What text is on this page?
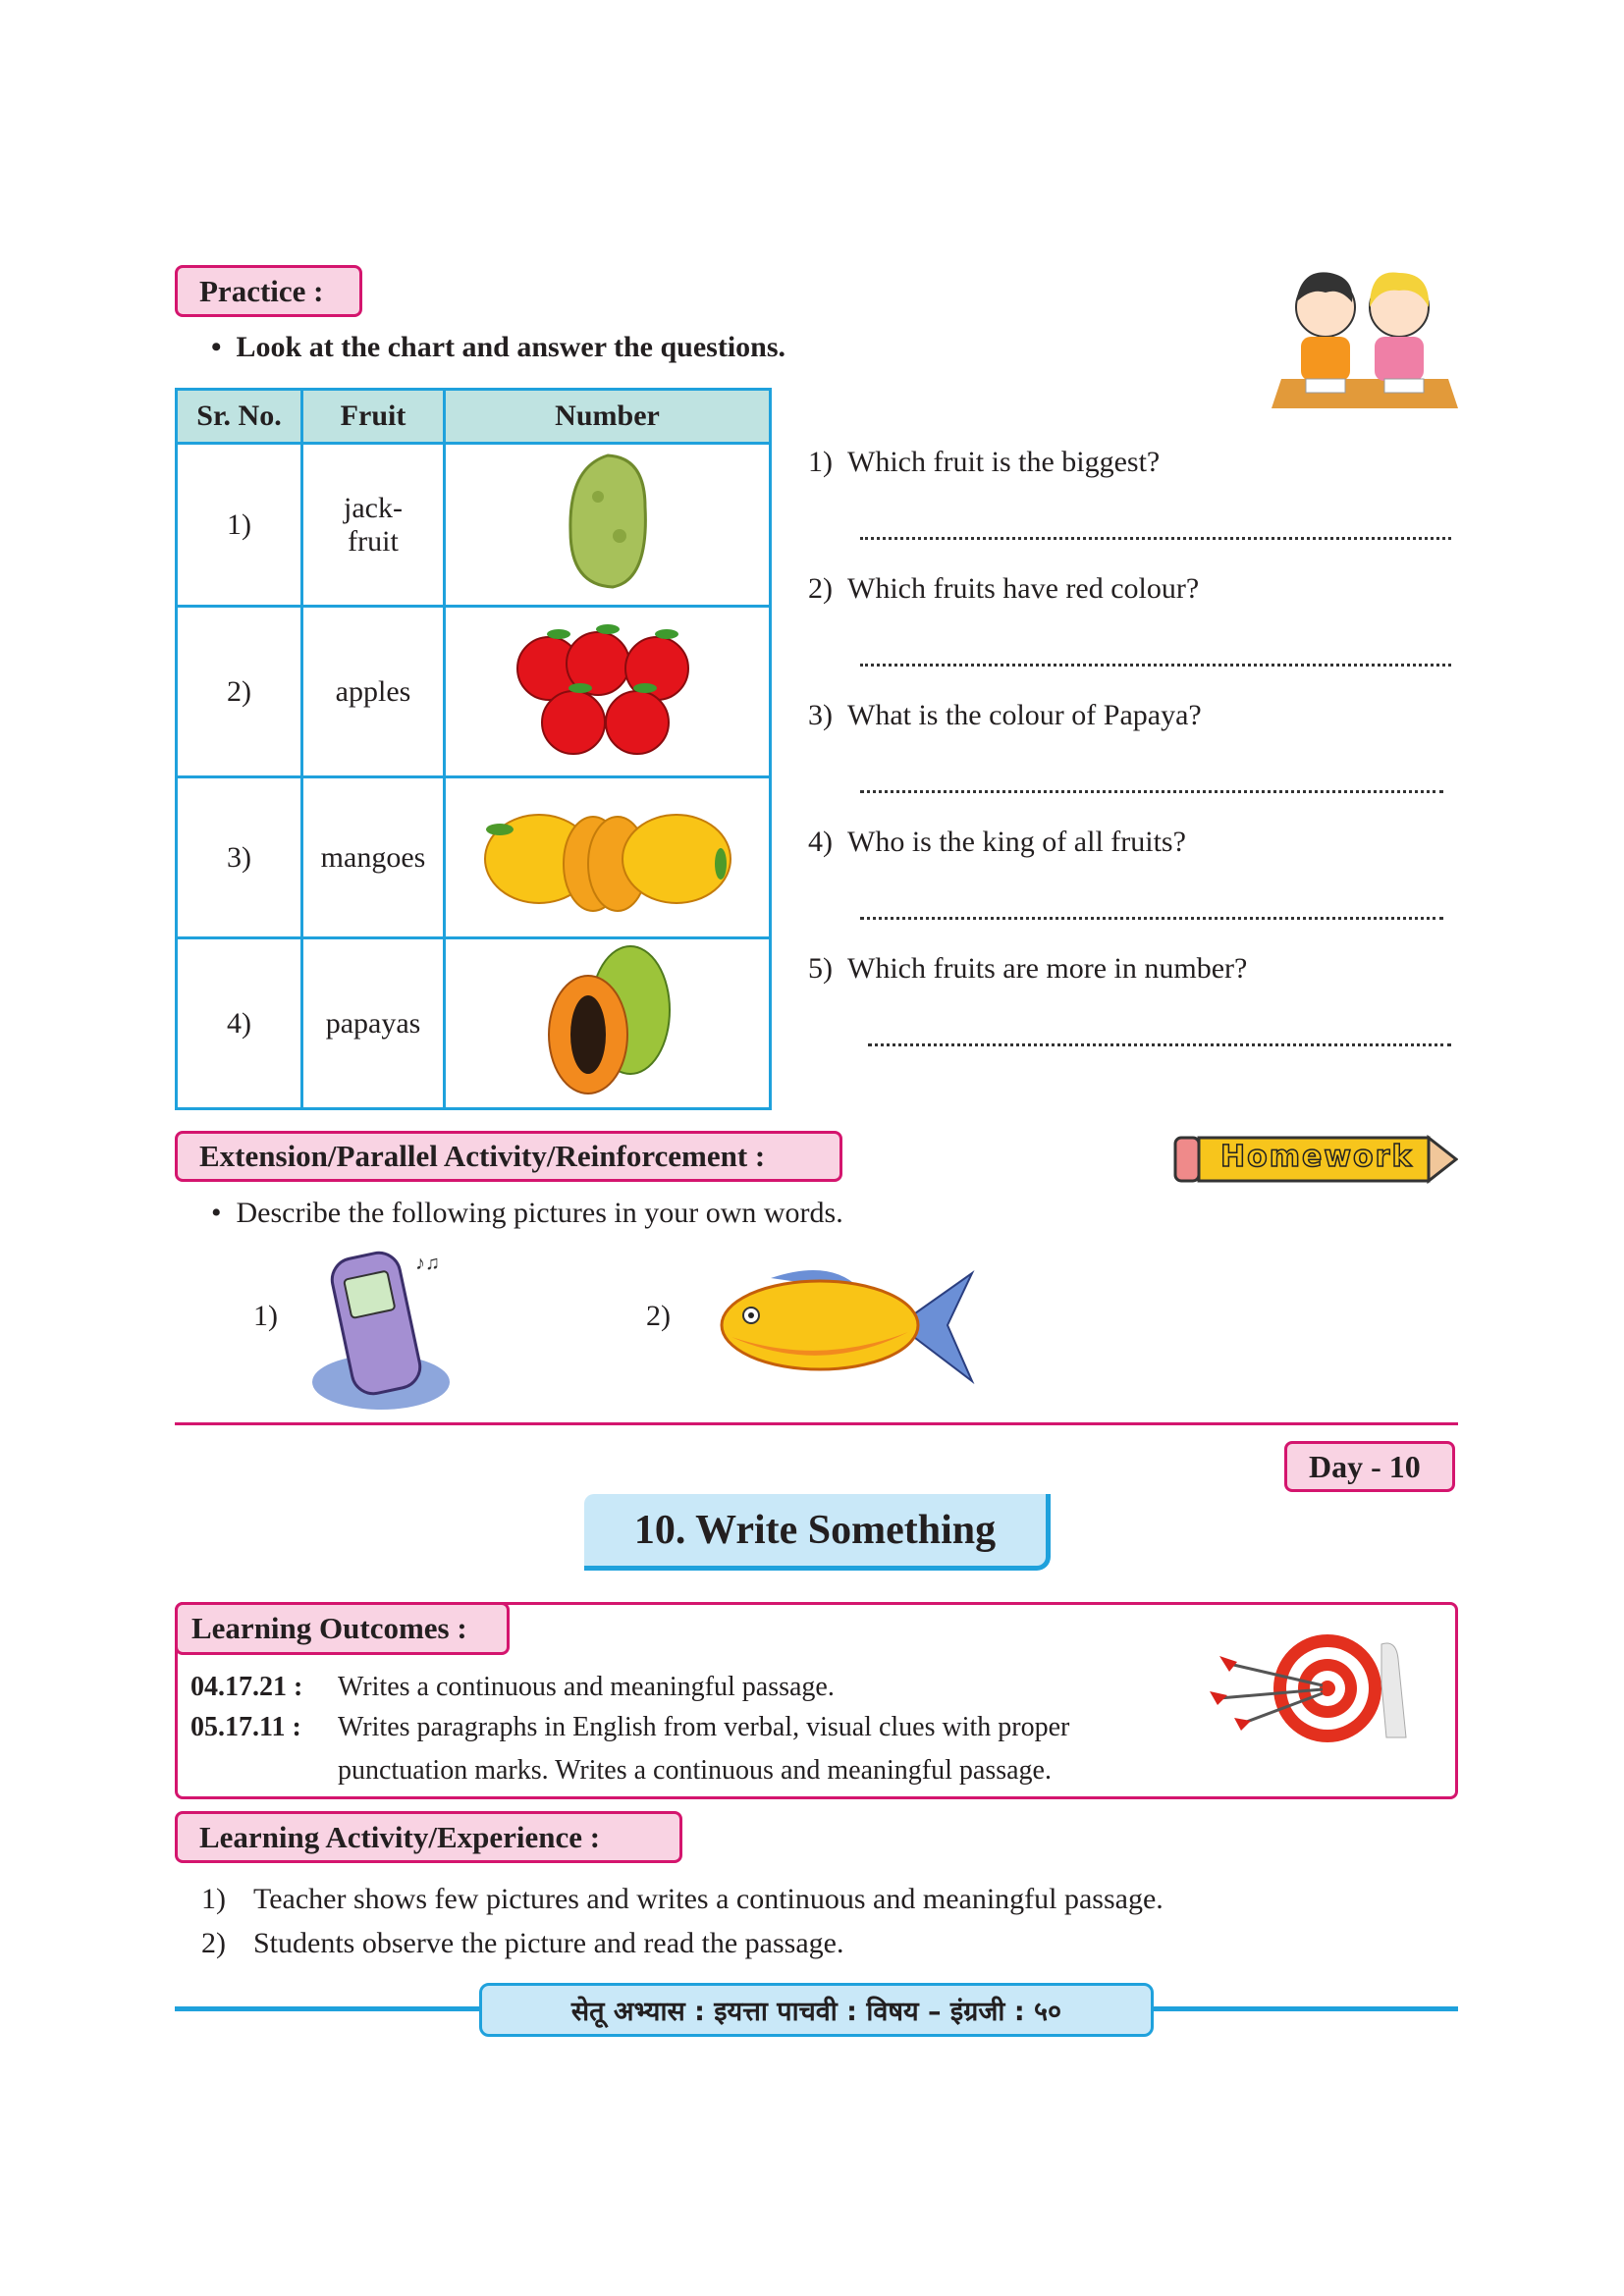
Practice :
•  Look at the chart and answer the questions.
Sr. No.	Fruit	Number
1)	jack-
fruit	
2)	apples	
3)	mangoes	
4)	papayas	
1) Which fruit is the biggest?
2) Which fruits have red colour?
3) What is the colour of Papaya?
4) Who is the king of all fruits?
5) Which fruits are more in number?
Extension/Parallel Activity/Reinforcement :	Homework
•  Describe the following pictures in your own words.
1)
♪♫
2)
Day - 10
10. Write Something
Learning Outcomes :
04.17.21 : Writes a continuous and meaningful passage.
05.17.11 : Writes paragraphs in English from verbal, visual clues with proper
punctuation marks. Writes a continuous and meaningful passage.
Learning Activity/Experience :
1) Teacher shows few pictures and writes a continuous and meaningful passage.
2) Students observe the picture and read the passage.
सेतू अभ्यास : इयत्ता पाचवी : विषय – इंग्रजी : ५०
